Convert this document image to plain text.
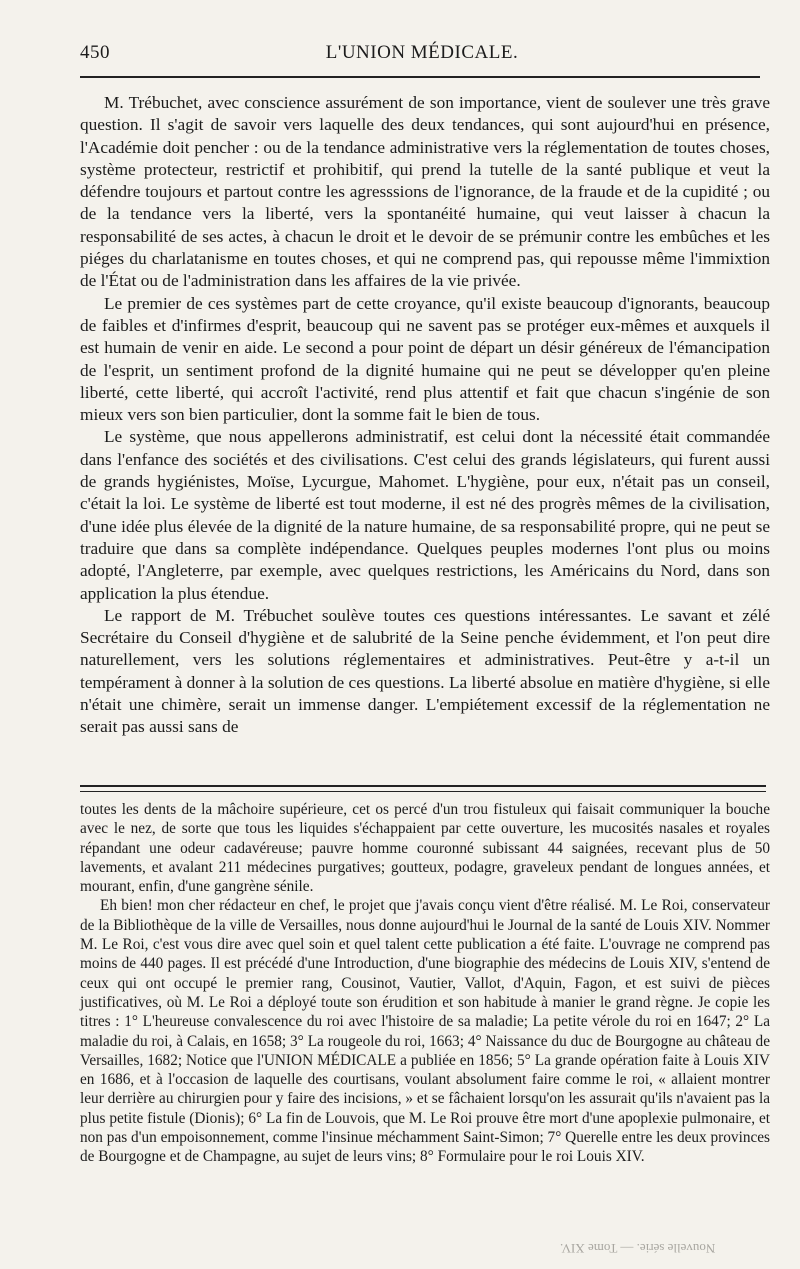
450	L'UNION MÉDICALE.

M. Trébuchet, avec conscience assurément de son importance, vient de soulever une très grave question. Il s'agit de savoir vers laquelle des deux tendances, qui sont aujourd'hui en présence, l'Académie doit pencher : ou de la tendance administrative vers la réglementation de toutes choses, système protecteur, restrictif et prohibitif, qui prend la tutelle de la santé publique et veut la défendre toujours et partout contre les agresssions de l'ignorance, de la fraude et de la cupidité ; ou de la tendance vers la liberté, vers la spontanéité humaine, qui veut laisser à chacun la responsabilité de ses actes, à chacun le droit et le devoir de se prémunir contre les embûches et les piéges du charlatanisme en toutes choses, et qui ne comprend pas, qui repousse même l'immixtion de l'État ou de l'administration dans les affaires de la vie privée.

Le premier de ces systèmes part de cette croyance, qu'il existe beaucoup d'ignorants, beaucoup de faibles et d'infirmes d'esprit, beaucoup qui ne savent pas se protéger eux-mêmes et auxquels il est humain de venir en aide. Le second a pour point de départ un désir généreux de l'émancipation de l'esprit, un sentiment profond de la dignité humaine qui ne peut se développer qu'en pleine liberté, cette liberté, qui accroît l'activité, rend plus attentif et fait que chacun s'ingénie de son mieux vers son bien particulier, dont la somme fait le bien de tous.

Le système, que nous appellerons administratif, est celui dont la nécessité était commandée dans l'enfance des sociétés et des civilisations. C'est celui des grands législateurs, qui furent aussi de grands hygiénistes, Moïse, Lycurgue, Mahomet. L'hygiène, pour eux, n'était pas un conseil, c'était la loi. Le système de liberté est tout moderne, il est né des progrès mêmes de la civilisation, d'une idée plus élevée de la dignité de la nature humaine, de sa responsabilité propre, qui ne peut se traduire que dans sa complète indépendance. Quelques peuples modernes l'ont plus ou moins adopté, l'Angleterre, par exemple, avec quelques restrictions, les Américains du Nord, dans son application la plus étendue.

Le rapport de M. Trébuchet soulève toutes ces questions intéressantes. Le savant et zélé Secrétaire du Conseil d'hygiène et de salubrité de la Seine penche évidemment, et l'on peut dire naturellement, vers les solutions réglementaires et administratives. Peut-être y a-t-il un tempérament à donner à la solution de ces questions. La liberté absolue en matière d'hygiène, si elle n'était une chimère, serait un immense danger. L'empiétement excessif de la réglementation ne serait pas aussi sans de

toutes les dents de la mâchoire supérieure, cet os percé d'un trou fistuleux qui faisait communiquer la bouche avec le nez, de sorte que tous les liquides s'échappaient par cette ouverture, les mucosités nasales et royales répandant une odeur cadavéreuse; pauvre homme couronné subissant 44 saignées, recevant plus de 50 lavements, et avalant 211 médecines purgatives; goutteux, podagre, graveleux pendant de longues années, et mourant, enfin, d'une gangrène sénile.

Eh bien! mon cher rédacteur en chef, le projet que j'avais conçu vient d'être réalisé. M. Le Roi, conservateur de la Bibliothèque de la ville de Versailles, nous donne aujourd'hui le Journal de la santé de Louis XIV. Nommer M. Le Roi, c'est vous dire avec quel soin et quel talent cette publication a été faite. L'ouvrage ne comprend pas moins de 440 pages. Il est précédé d'une Introduction, d'une biographie des médecins de Louis XIV, s'entend de ceux qui ont occupé le premier rang, Cousinot, Vautier, Vallot, d'Aquin, Fagon, et est suivi de pièces justificatives, où M. Le Roi a déployé toute son érudition et son habitude à manier le grand règne. Je copie les titres : 1° L'heureuse convalescence du roi avec l'histoire de sa maladie; La petite vérole du roi en 1647; 2° La maladie du roi, à Calais, en 1658; 3° La rougeole du roi, 1663; 4° Naissance du duc de Bourgogne au château de Versailles, 1682; Notice que l'UNION MÉDICALE a publiée en 1856; 5° La grande opération faite à Louis XIV en 1686, et à l'occasion de laquelle des courtisans, voulant absolument faire comme le roi, « allaient montrer leur derrière au chirurgien pour y faire des incisions, » et se fâchaient lorsqu'on les assurait qu'ils n'avaient pas la plus petite fistule (Dionis); 6° La fin de Louvois, que M. Le Roi prouve être mort d'une apoplexie pulmonaire, et non pas d'un empoisonnement, comme l'insinue méchamment Saint-Simon; 7° Querelle entre les deux provinces de Bourgogne et de Champagne, au sujet de leurs vins; 8° Formulaire pour le roi Louis XIV.

Nouvelle série. — Tome XIV.
